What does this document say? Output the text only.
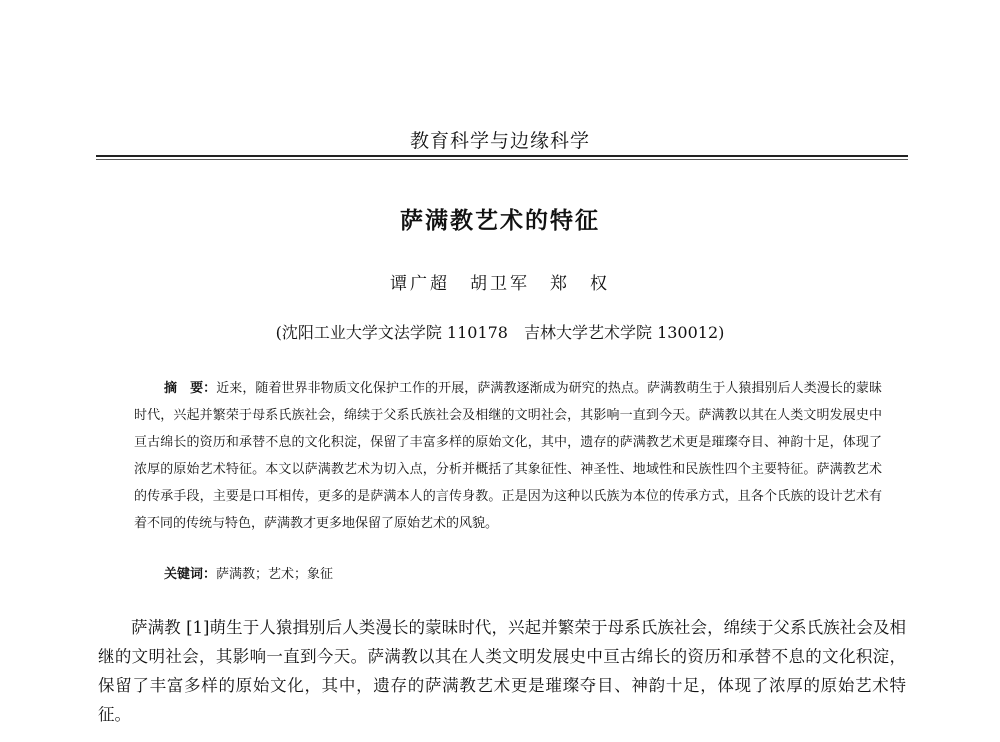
教育科学与边缘科学
萨满教艺术的特征
谭广超　胡卫军　郑　权
(沈阳工业大学文法学院 110178　吉林大学艺术学院 130012)
摘　要：近来，随着世界非物质文化保护工作的开展，萨满教逐渐成为研究的热点。萨满教萌生于人猿揖别后人类漫长的蒙昧时代，兴起并繁荣于母系氏族社会，绵续于父系氏族社会及相继的文明社会，其影响一直到今天。萨满教以其在人类文明发展史中亘古绵长的资历和承替不息的文化积淀，保留了丰富多样的原始文化，其中，遗存的萨满教艺术更是璀璨夺目、神韵十足，体现了浓厚的原始艺术特征。本文以萨满教艺术为切入点，分析并概括了其象征性、神圣性、地域性和民族性四个主要特征。萨满教艺术的传承手段，主要是口耳相传，更多的是萨满本人的言传身教。正是因为这种以氏族为本位的传承方式，且各个氏族的设计艺术有着不同的传统与特色，萨满教才更多地保留了原始艺术的风貌。
关键词：萨满教；艺术；象征

萨满教 [1]萌生于人猿揖别后人类漫长的蒙昧时代，兴起并繁荣于母系氏族社会，绵续于父系氏族社会及相继的文明社会，其影响一直到今天。萨满教以其在人类文明发展史中亘古绵长的资历和承替不息的文化积淀，保留了丰富多样的原始文化，其中，遗存的萨满教艺术更是璀璨夺目、神韵十足，体现了浓厚的原始艺术特征。
